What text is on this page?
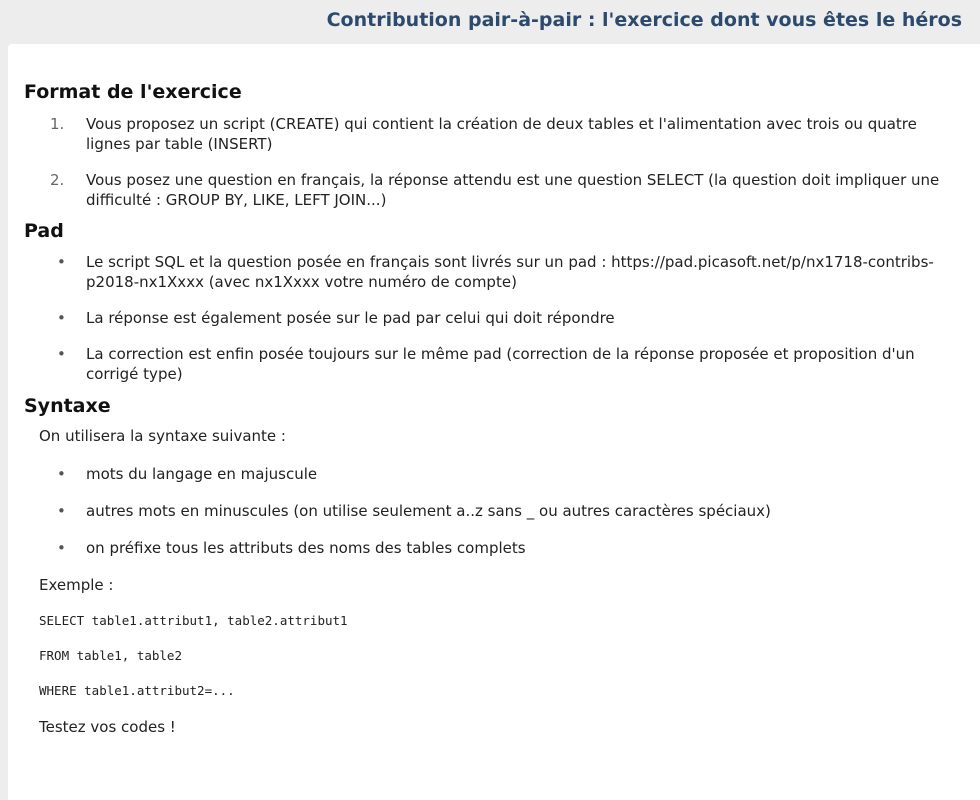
Contribution pair-à-pair : l'exercice dont vous êtes le héros
Format de l'exercice
1. Vous proposez un script (CREATE) qui contient la création de deux tables et l'alimentation avec trois ou quatre lignes par table (INSERT)
2. Vous posez une question en français, la réponse attendu est une question SELECT (la question doit impliquer une difficulté : GROUP BY, LIKE, LEFT JOIN...)
Pad
• Le script SQL et la question posée en français sont livrés sur un pad : https://pad.picasoft.net/p/nx1718-contribs-p2018-nx1Xxxx (avec nx1Xxxx votre numéro de compte)
• La réponse est également posée sur le pad par celui qui doit répondre
• La correction est enfin posée toujours sur le même pad (correction de la réponse proposée et proposition d'un corrigé type)
Syntaxe

On utilisera la syntaxe suivante :

• mots du langage en majuscule
• autres mots en minuscules (on utilise seulement a..z sans _ ou autres caractères spéciaux)
• on préfixe tous les attributs des noms des tables complets

Exemple :

SELECT table1.attribut1, table2.attribut1

FROM table1, table2

WHERE table1.attribut2=...

Testez vos codes !
